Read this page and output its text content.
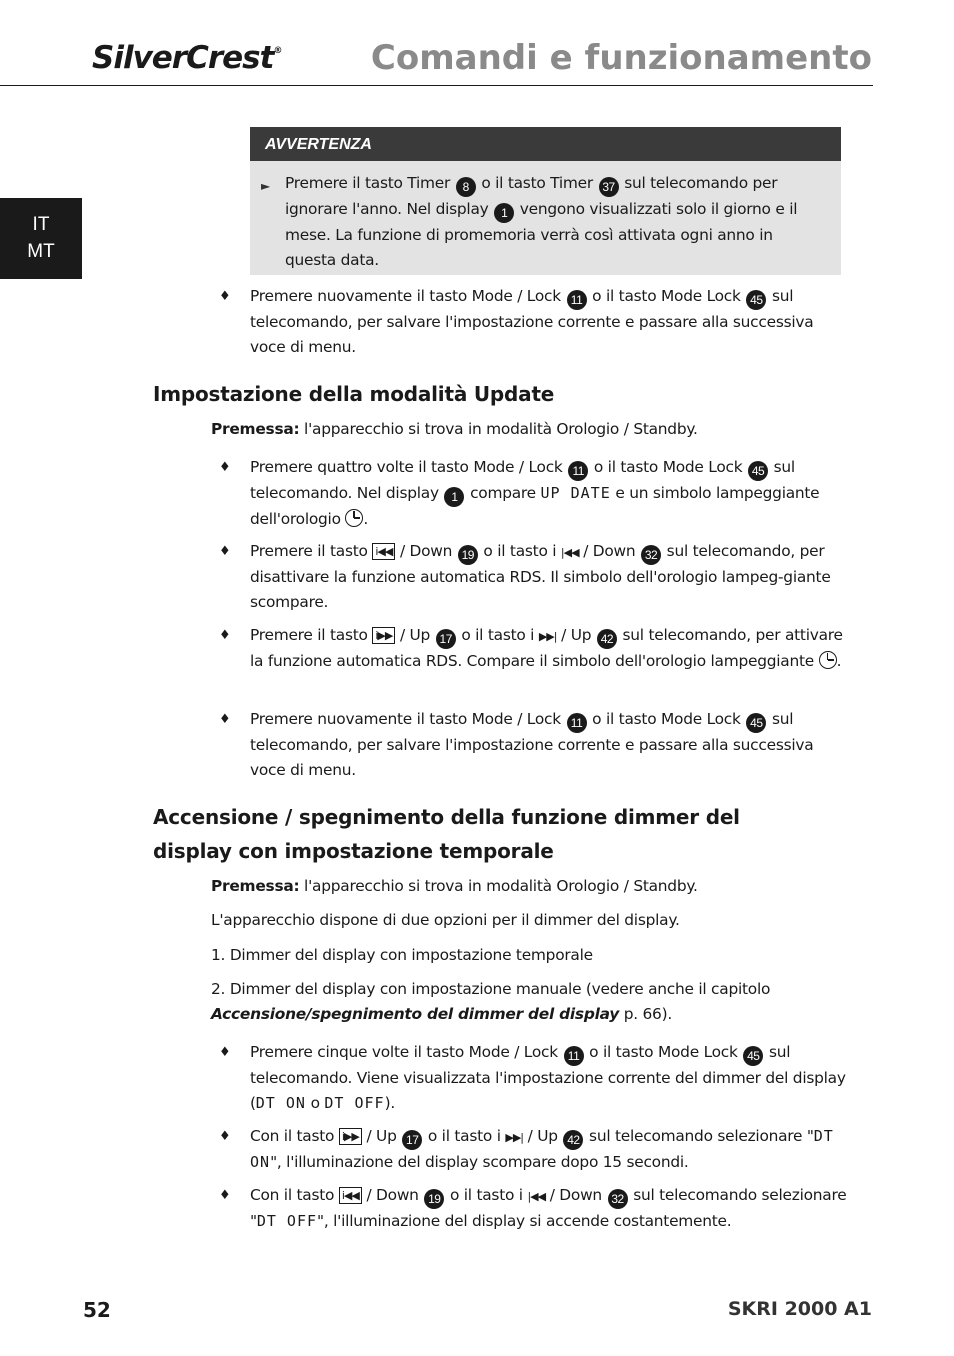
SilverCrest®	Comandi e funzionamento
IT
MT
AVVERTENZA
► Premere il tasto Timer 8 o il tasto Timer 37 sul telecomando per ignorare l'anno. Nel display 1 vengono visualizzati solo il giorno e il mese. La funzione di promemoria verrà così attivata ogni anno in questa data.
♦ Premere nuovamente il tasto Mode / Lock 11 o il tasto Mode Lock 45 sul telecomando, per salvare l'impostazione corrente e passare alla successiva voce di menu.
Impostazione della modalità Update
Premessa: l'apparecchio si trova in modalità Orologio / Standby.
♦ Premere quattro volte il tasto Mode / Lock 11 o il tasto Mode Lock 45 sul telecomando. Nel display 1 compare UP DATE e un simbolo lampeggiante dell'orologio .
♦ Premere il tasto i◀◀ / Down 19 o il tasto i |◀◀ / Down 32 sul telecomando, per disattivare la funzione automatica RDS. Il simbolo dell'orologio lampeg-giante scompare.
♦ Premere il tasto i▶▶ / Up 17 o il tasto i ▶▶| / Up 42 sul telecomando, per attivare la funzione automatica RDS. Compare il simbolo dell'orologio lampeggiante .
♦ Premere nuovamente il tasto Mode / Lock 11 o il tasto Mode Lock 45 sul telecomando, per salvare l'impostazione corrente e passare alla successiva voce di menu.
Accensione / spegnimento della funzione dimmer del
display con impostazione temporale
Premessa: l'apparecchio si trova in modalità Orologio / Standby.
L'apparecchio dispone di due opzioni per il dimmer del display.
1. Dimmer del display con impostazione temporale
2. Dimmer del display con impostazione manuale (vedere anche il capitolo Accensione/spegnimento del dimmer del display p. 66).
♦ Premere cinque volte il tasto Mode / Lock 11 o il tasto Mode Lock 45 sul telecomando. Viene visualizzata l'impostazione corrente del dimmer del display (DT ON o DT OFF).
♦ Con il tasto i▶▶ / Up 17 o il tasto i ▶▶| / Up 42 sul telecomando selezionare "DT ON", l'illuminazione del display scompare dopo 15 secondi.
♦ Con il tasto i◀◀ / Down 19 o il tasto i |◀◀ / Down 32 sul telecomando selezionare "DT OFF", l'illuminazione del display si accende costantemente.
52	SKRI 2000 A1
